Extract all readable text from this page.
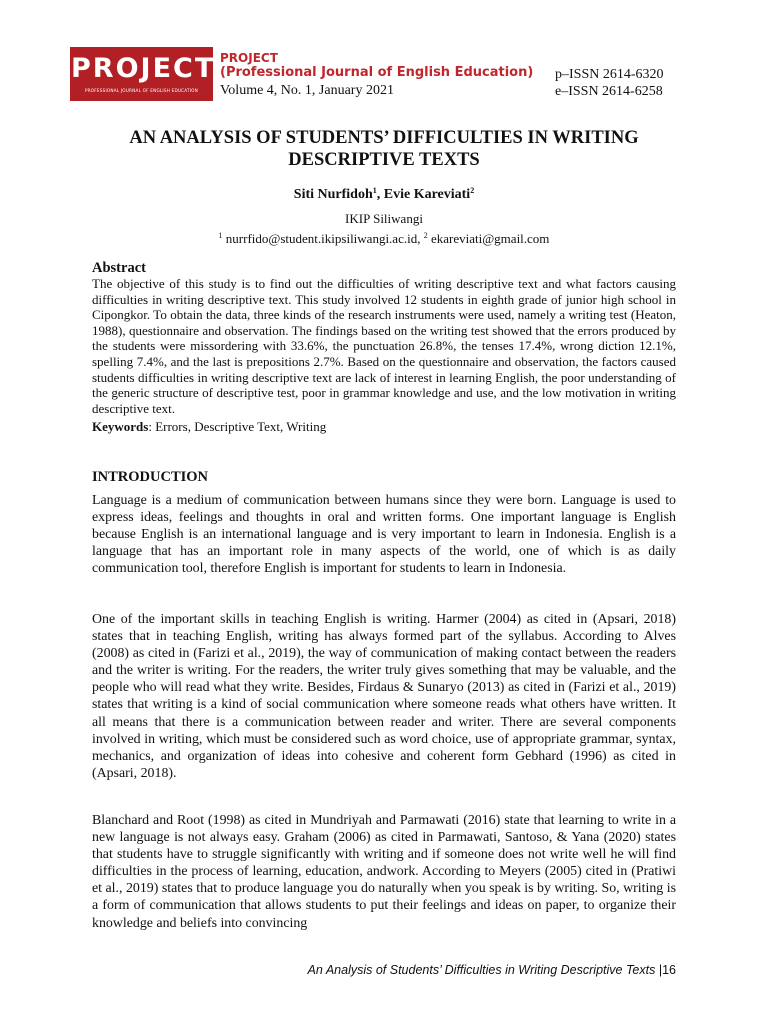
PROJECT
PROFESSIONAL JOURNAL OF ENGLISH EDUCATION
PROJECT
(Professional Journal of English Education)
Volume 4, No. 1, January 2021
p–ISSN 2614-6320
e–ISSN 2614-6258
AN ANALYSIS OF STUDENTS’ DIFFICULTIES IN WRITING
DESCRIPTIVE TEXTS
Siti Nurfidoh$^1$, Evie Kareviati$^2$
IKIP Siliwangi
$^1$ nurrfido@student.ikipsiliwangi.ac.id, $^2$ ekareviati@gmail.com
Abstract

The objective of this study is to find out the difficulties of writing descriptive text and what factors causing difficulties in writing descriptive text. This study involved 12 students in eighth grade of junior high school in Cipongkor. To obtain the data, three kinds of the research instruments were used, namely a writing test (Heaton, 1988), questionnaire and observation. The findings based on the writing test showed that the errors produced by the students were missordering with 33.6%, the punctuation 26.8%, the tenses 17.4%, wrong diction 12.1%, spelling 7.4%, and the last is prepositions 2.7%. Based on the questionnaire and observation, the factors caused students difficulties in writing descriptive text are lack of interest in learning English, the poor understanding of the generic structure of descriptive test, poor in grammar knowledge and use, and the low motivation in writing descriptive text.

Keywords: Errors, Descriptive Text, Writing
INTRODUCTION

Language is a medium of communication between humans since they were born. Language is used to express ideas, feelings and thoughts in oral and written forms. One important language is English because English is an international language and is very important to learn in Indonesia. English is a language that has an important role in many aspects of the world, one of which is as daily communication tool, therefore English is important for students to learn in Indonesia.

One of the important skills in teaching English is writing. Harmer (2004) as cited in (Apsari, 2018) states that in teaching English, writing has always formed part of the syllabus. According to Alves (2008) as cited in (Farizi et al., 2019), the way of communication of making contact between the readers and the writer is writing. For the readers, the writer truly gives something that may be valuable, and the people who will read what they write. Besides, Firdaus & Sunaryo (2013) as cited in (Farizi et al., 2019) states that writing is a kind of social communication where someone reads what others have written. It all means that there is a communication between reader and writer. There are several components involved in writing, which must be considered such as word choice, use of appropriate grammar, syntax, mechanics, and organization of ideas into cohesive and coherent form Gebhard (1996) as cited in (Apsari, 2018).

Blanchard and Root (1998) as cited in Mundriyah and Parmawati (2016) state that learning to write in a new language is not always easy. Graham (2006) as cited in Parmawati, Santoso, & Yana (2020) states that students have to struggle significantly with writing and if someone does not write well he will find difficulties in the process of learning, education, andwork. According to Meyers (2005) cited in (Pratiwi et al., 2019) states that to produce language you do naturally when you speak is by writing. So, writing is a form of communication that allows students to put their feelings and ideas on paper, to organize their knowledge and beliefs into convincing

An Analysis of Students’ Difficulties in Writing Descriptive Texts |16
